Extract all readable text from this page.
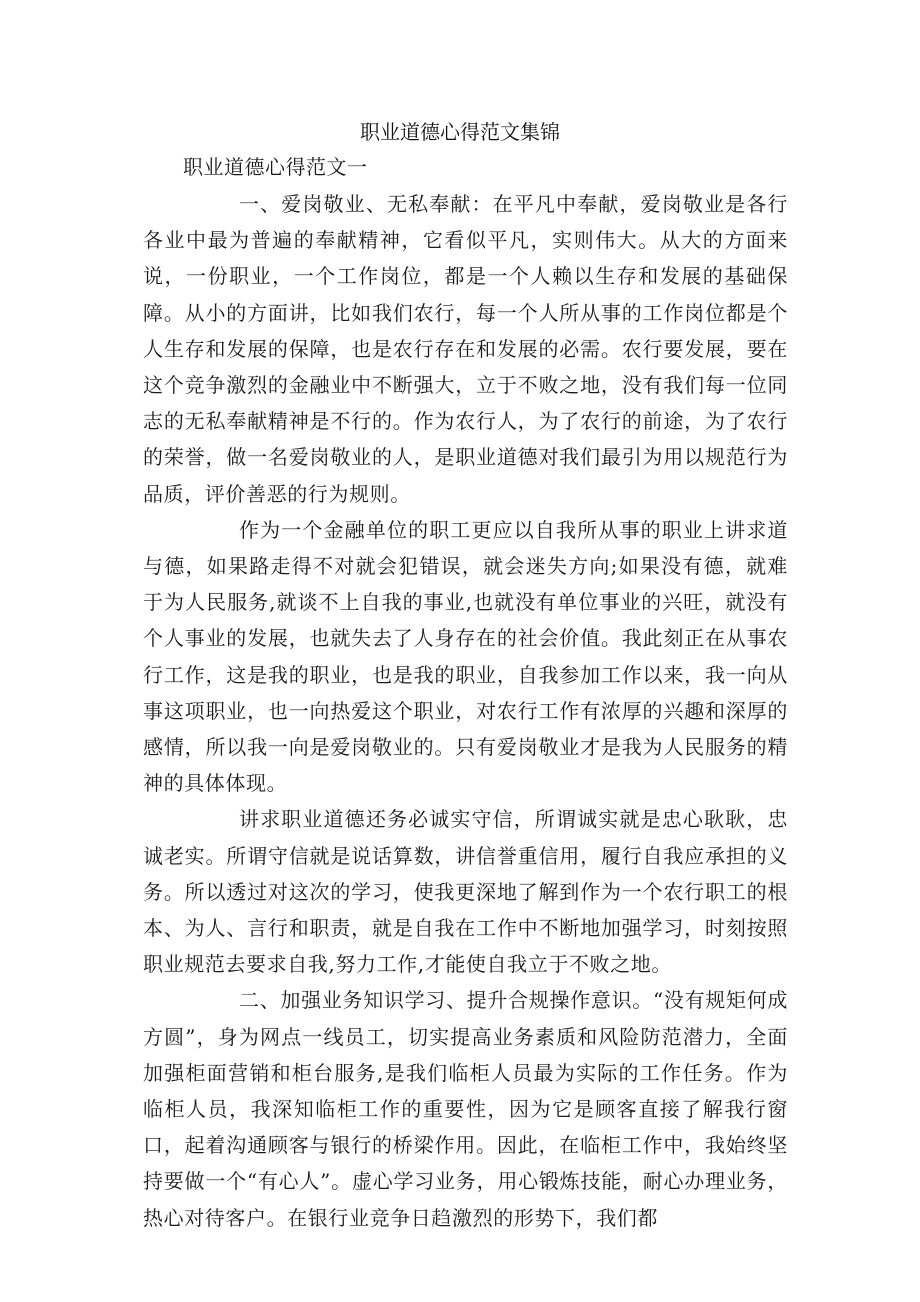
职业道德心得范文集锦
职业道德心得范文一

一、爱岗敬业、无私奉献：在平凡中奉献，爱岗敬业是各行各业中最为普遍的奉献精神，它看似平凡，实则伟大。从大的方面来说，一份职业，一个工作岗位，都是一个人赖以生存和发展的基础保障。从小的方面讲，比如我们农行，每一个人所从事的工作岗位都是个人生存和发展的保障，也是农行存在和发展的必需。农行要发展，要在这个竞争激烈的金融业中不断强大，立于不败之地，没有我们每一位同志的无私奉献精神是不行的。作为农行人，为了农行的前途，为了农行的荣誉，做一名爱岗敬业的人，是职业道德对我们最引为用以规范行为品质，评价善恶的行为规则。

作为一个金融单位的职工更应以自我所从事的职业上讲求道与德，如果路走得不对就会犯错误，就会迷失方向;如果没有德，就难于为人民服务,就谈不上自我的事业,也就没有单位事业的兴旺，就没有个人事业的发展，也就失去了人身存在的社会价值。我此刻正在从事农行工作，这是我的职业，也是我的职业，自我参加工作以来，我一向从事这项职业，也一向热爱这个职业，对农行工作有浓厚的兴趣和深厚的感情，所以我一向是爱岗敬业的。只有爱岗敬业才是我为人民服务的精神的具体体现。

讲求职业道德还务必诚实守信，所谓诚实就是忠心耿耿，忠诚老实。所谓守信就是说话算数，讲信誉重信用，履行自我应承担的义务。所以透过对这次的学习，使我更深地了解到作为一个农行职工的根本、为人、言行和职责，就是自我在工作中不断地加强学习，时刻按照职业规范去要求自我,努力工作,才能使自我立于不败之地。

二、加强业务知识学习、提升合规操作意识。“没有规矩何成方圆”，身为网点一线员工，切实提高业务素质和风险防范潜力，全面加强柜面营销和柜台服务,是我们临柜人员最为实际的工作任务。作为临柜人员，我深知临柜工作的重要性，因为它是顾客直接了解我行窗口，起着沟通顾客与银行的桥梁作用。因此，在临柜工作中，我始终坚持要做一个“有心人”。虚心学习业务，用心锻炼技能，耐心办理业务，热心对待客户。在银行业竞争日趋激烈的形势下，我们都
